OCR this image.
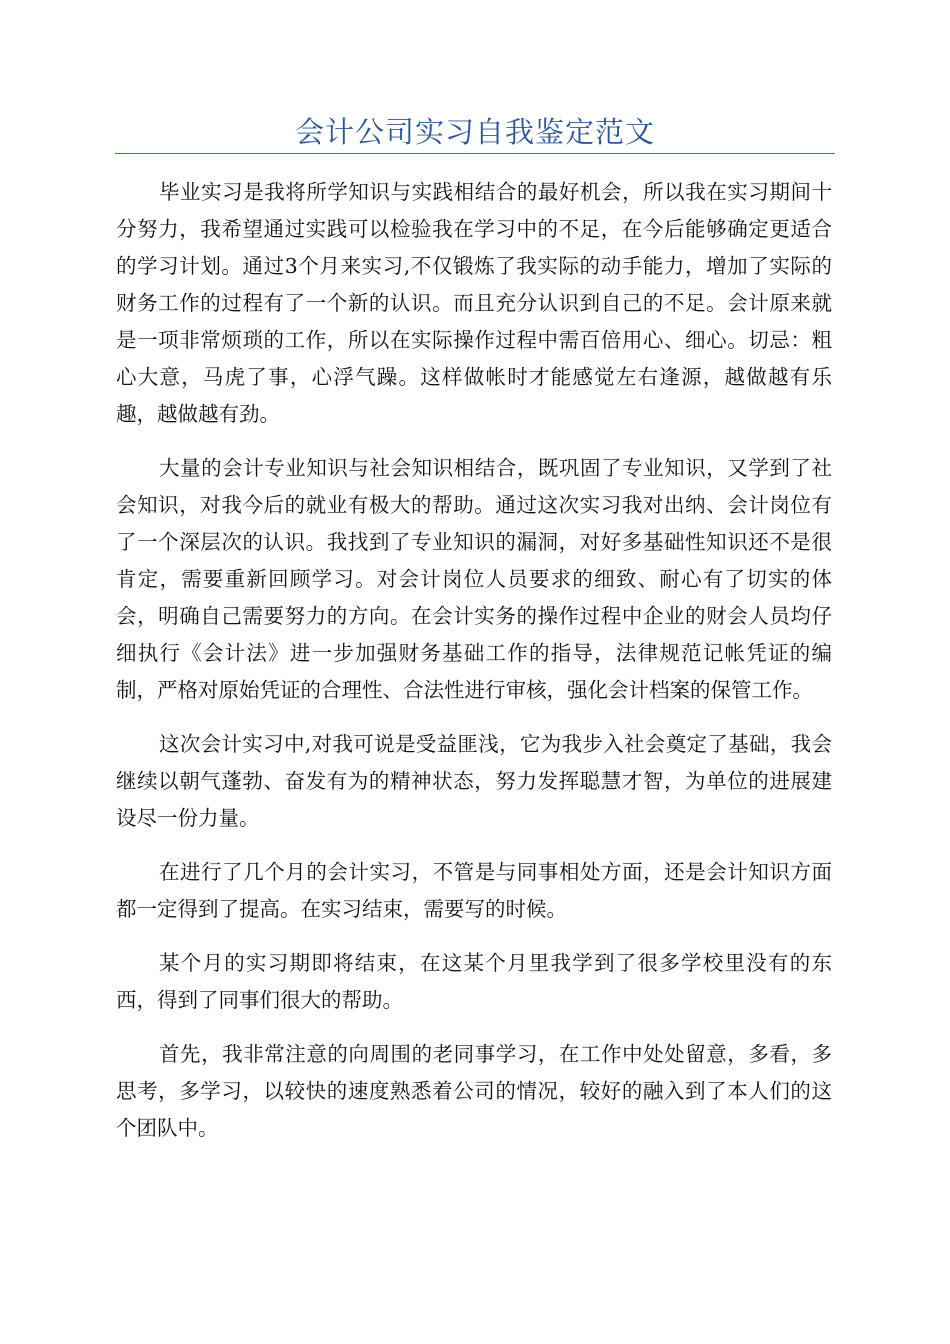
会计公司实习自我鉴定范文

毕业实习是我将所学知识与实践相结合的最好机会，所以我在实习期间十分努力，我希望通过实践可以检验我在学习中的不足，在今后能够确定更适合的学习计划。通过3个月来实习,不仅锻炼了我实际的动手能力，增加了实际的财务工作的过程有了一个新的认识。而且充分认识到自己的不足。会计原来就是一项非常烦琐的工作，所以在实际操作过程中需百倍用心、细心。切忌：粗心大意，马虎了事，心浮气躁。这样做帐时才能感觉左右逢源，越做越有乐趣，越做越有劲。

大量的会计专业知识与社会知识相结合，既巩固了专业知识，又学到了社会知识，对我今后的就业有极大的帮助。通过这次实习我对出纳、会计岗位有了一个深层次的认识。我找到了专业知识的漏洞，对好多基础性知识还不是很肯定，需要重新回顾学习。对会计岗位人员要求的细致、耐心有了切实的体会，明确自己需要努力的方向。在会计实务的操作过程中企业的财会人员均仔细执行《会计法》进一步加强财务基础工作的指导，法律规范记帐凭证的编制，严格对原始凭证的合理性、合法性进行审核，强化会计档案的保管工作。

这次会计实习中,对我可说是受益匪浅，它为我步入社会奠定了基础，我会继续以朝气蓬勃、奋发有为的精神状态，努力发挥聪慧才智，为单位的进展建设尽一份力量。

在进行了几个月的会计实习，不管是与同事相处方面，还是会计知识方面都一定得到了提高。在实习结束，需要写的时候。

某个月的实习期即将结束，在这某个月里我学到了很多学校里没有的东西，得到了同事们很大的帮助。

首先，我非常注意的向周围的老同事学习，在工作中处处留意，多看，多思考，多学习，以较快的速度熟悉着公司的情况，较好的融入到了本人们的这个团队中。
